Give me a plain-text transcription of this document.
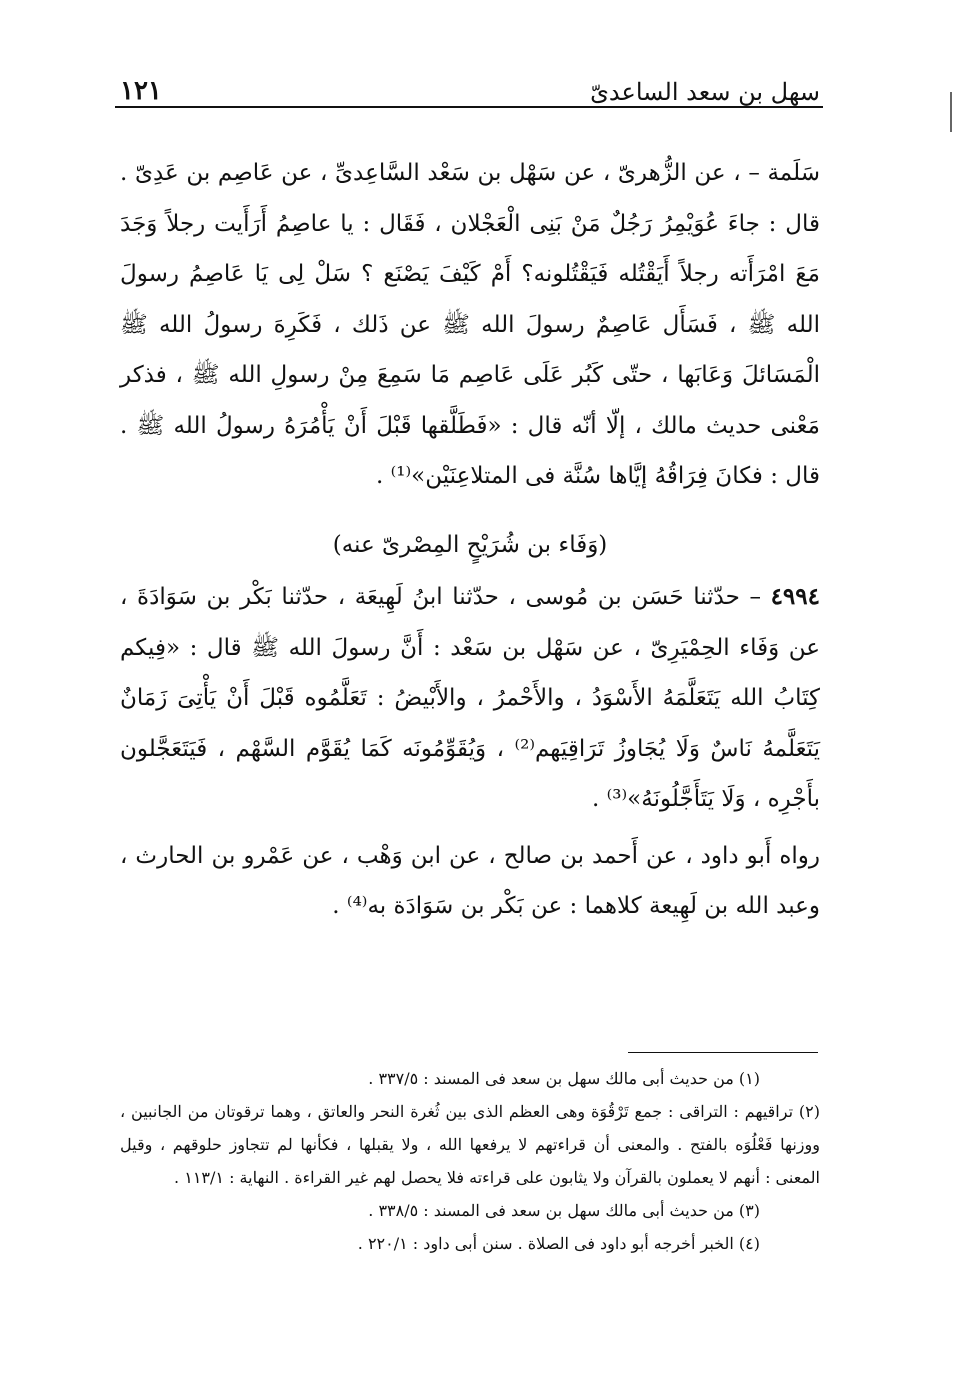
١٢١	سهل بن سعد الساعدىّ

سَلَمة – ، عن الزُّهرىّ ، عن سَهْل بن سَعْد السَّاعِدىِّ ، عن عَاصِم بن عَدِىّ . قال : جاءَ عُوَيْمِرُ رَجُلٌ مَنْ بَنِى الْعَجْلان ، فَقَال : يا عاصِمُ أَرَأَيت رجلاً وَجَدَ مَعَ امْرَأَته رجلاً أَيَقْتُله فَيَقْتُلونه؟ أَمْ كَيْفَ يَصْنَع ؟ سَلْ لِى يَا عَاصِمُ رسولَ الله ﷺ ، فَسَأَل عَاصِمٌ رسولَ الله ﷺ عن ذَلك ، فَكَرِهَ رسولُ الله ﷺ الْمَسَائلَ وَعَابَها ، حتّى كَبُر عَلَى عَاصِم مَا سَمِعَ مِنْ رسولِ الله ﷺ ، فذكر مَعْنى حديث مالك ، إلّا أنّه قال : «فَطَلَّقها قَبْلَ أَنْ يَأْمُرَهُ رسولُ الله ﷺ . قال : فكانَ فِرَاقُهُ إيَّاها سُنَّة فى المتلاعِنَيْن»⁽¹⁾ .

(وَفَاء بن شُرَيْحٍ المِصْرىّ عنه)

٤٩٩٤ – حدّثنا حَسَن بن مُوسى ، حدّثنا ابنُ لَهِيعَة ، حدّثنا بَكْر بن سَوَادَةَ ، عن وَفَاء الحِمْيَرِىّ ، عن سَهْل بن سَعْد : أَنَّ رسولَ الله ﷺ قال : «فِيكم كِتَابُ الله يَتَعَلَّمَهُ الأَسْوَدُ ، والأَحْمرُ ، والأَبْيضُ : تَعَلَّمُوه قَبْلَ أَنْ يَأْتِىَ زَمَانٌ يَتَعَلَّمهُ نَاسٌ وَلَا يُجَاوزُ تَرَاقِيَهم⁽²⁾ ، وَيُقَوِّمُونَه كَمَا يُقَوَّم السَّهْم ، فَيَتَعَجَّلون بأَجْرِه ، وَلَا يَتَأَجَّلُونَهُ»⁽³⁾ .

رواه أَبو داود ، عن أَحمد بن صالح ، عن ابن وَهْب ، عن عَمْرو بن الحارث ، وعبد الله بن لَهِيعة كلاهما : عن بَكْر بن سَوَادَة به⁽⁴⁾ .

(١) من حديث أبى مالك سهل بن سعد فى المسند : ٣٣٧/٥ .

(٢) تراقيهم : التراقى : جمع تَرْقُوَة وهى العظم الذى بين ثُغرة النحر والعاتق ، وهما ترقوتان من الجانبين ، ووزنها فَعْلُوَه بالفتح . والمعنى أن قراءتهم لا يرفعها الله ، ولا يقبلها ، فكأنها لم تتجاوز حلوقهم ، وقيل المعنى : أنهم لا يعملون بالقرآن ولا يثابون على قراءته فلا يحصل لهم غير القراءة . النهاية : ١١٣/١ .

(٣) من حديث أبى مالك سهل بن سعد فى المسند : ٣٣٨/٥ .

(٤) الخبر أخرجه أبو داود فى الصلاة . سنن أبى داود : ٢٢٠/١ .
